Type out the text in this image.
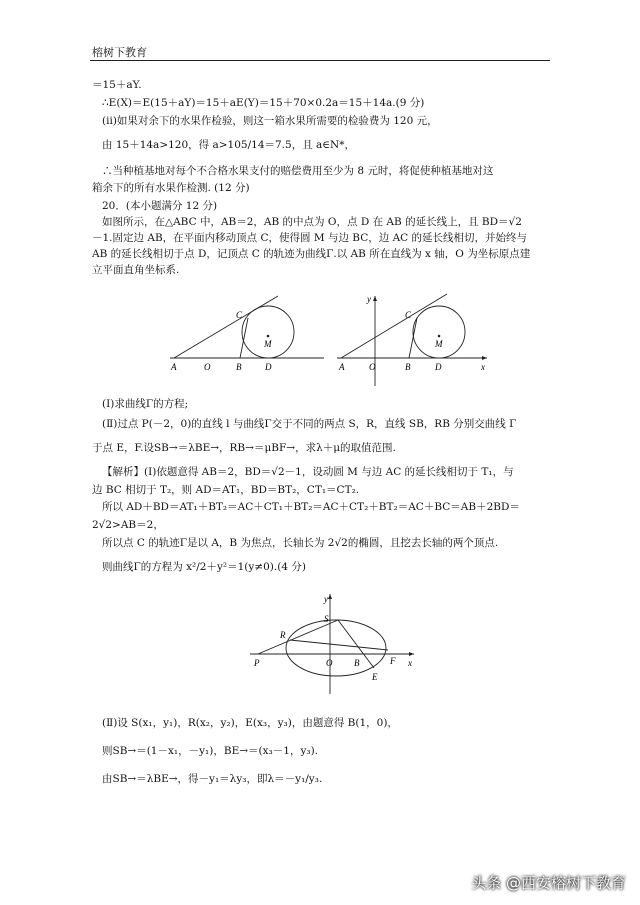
榕树下教育
＝15＋aY.
∴E(X)＝E(15＋aY)＝15＋aE(Y)＝15＋70×0.2a＝15＋14a.(9 分)
(ⅱ)如果对余下的水果作检验，则这一箱水果所需要的检验费为 120 元，
由 15＋14a>120，得 a>105/14＝7.5，且 a∈N*，
∴当种植基地对每个不合格水果支付的赔偿费用至少为 8 元时，将促使种植基地对这
箱余下的所有水果作检测. (12 分)
20．(本小题满分 12 分)
如图所示，在△ABC 中，AB＝2，AB 的中点为 O，点 D 在 AB 的延长线上，且 BD＝√2
－1.固定边 AB，在平面内移动顶点 C，使得圆 M 与边 BC，边 AC 的延长线相切，并始终与
AB 的延长线相切于点 D，记顶点 C 的轨迹为曲线Γ.以 AB 所在直线为 x 轴，O 为坐标原点建
立平面直角坐标系.
C
M
A	O	B	D
y
C
M
A	O	B	D	x
(Ⅰ)求曲线Γ的方程;
(Ⅱ)过点 P(－2，0)的直线 l 与曲线Γ交于不同的两点 S，R，直线 SB，RB 分别交曲线 Γ
于点 E，F.设SB→＝λBE→，RB→＝μBF→，求λ＋μ的取值范围.
【解析】(Ⅰ)依题意得 AB＝2，BD＝√2－1，设动圆 M 与边 AC 的延长线相切于 T₁，与
边 BC 相切于 T₂，则 AD＝AT₁，BD＝BT₂，CT₁＝CT₂.
所以 AD＋BD＝AT₁＋BT₂＝AC＋CT₁＋BT₂＝AC＋CT₂＋BT₂＝AC＋BC＝AB＋2BD＝
2√2>AB＝2，
所以点 C 的轨迹Γ是以 A，B 为焦点，长轴长为 2√2的椭圆，且挖去长轴的两个顶点.
则曲线Γ的方程为 x²/2＋y²＝1(y≠0).(4 分)
y
S
R
P	O B	F
E
x
(Ⅱ)设 S(x₁，y₁)，R(x₂，y₂)，E(x₃，y₃)，由题意得 B(1，0)，
则SB→＝(1－x₁，－y₁)，BE→＝(x₃－1，y₃).
由SB→＝λBE→，得－y₁＝λy₃，即λ＝－y₁/y₃.
头条 @西安榕树下教育
